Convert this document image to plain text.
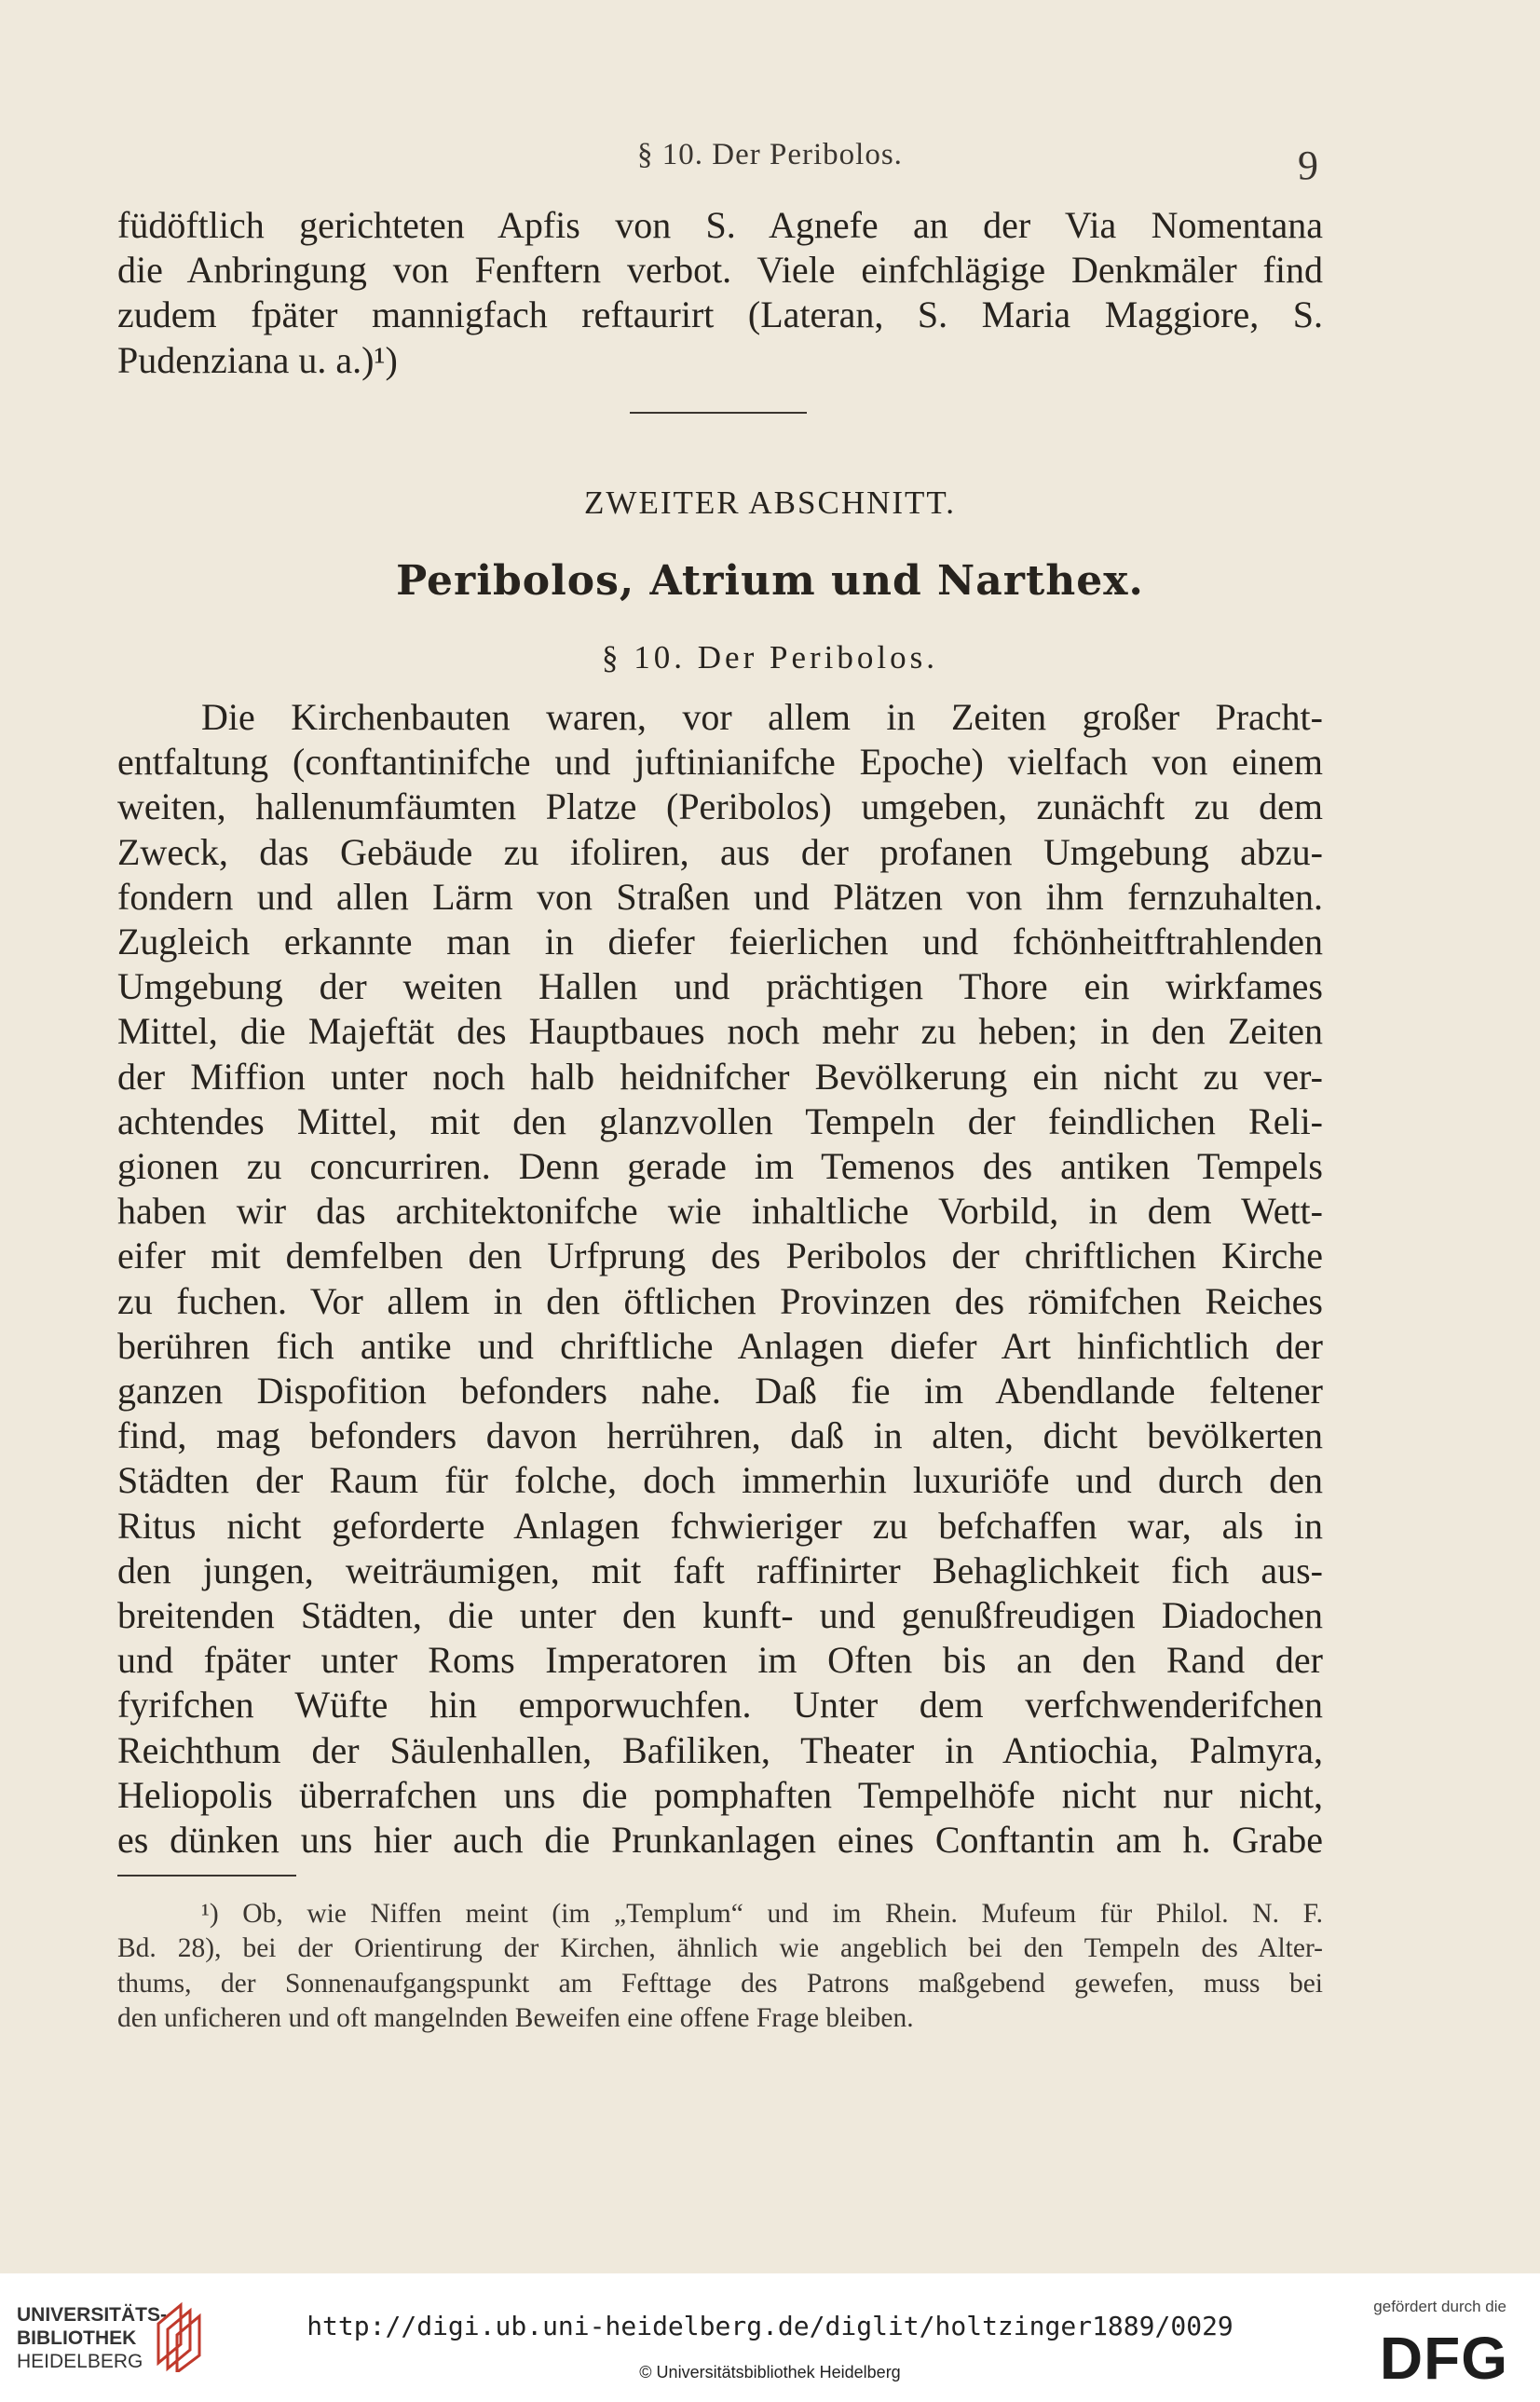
§ 10. Der Peribolos.	9
füdöftlich gerichteten Apfis von S. Agnefe an der Via Nomentana
die Anbringung von Fenftern verbot. Viele einfchlägige Denkmäler find
zudem fpäter mannigfach reftaurirt (Lateran, S. Maria Maggiore, S.
Pudenziana u. a.)¹)
ZWEITER ABSCHNITT.
Peribolos, Atrium und Narthex.
§ 10. Der Peribolos.
Die Kirchenbauten waren, vor allem in Zeiten großer Pracht-
entfaltung (conftantinifche und juftinianifche Epoche) vielfach von einem
weiten, hallenumfäumten Platze (Peribolos) umgeben, zunächft zu dem
Zweck, das Gebäude zu ifoliren, aus der profanen Umgebung abzu-
fondern und allen Lärm von Straßen und Plätzen von ihm fernzuhalten.
Zugleich erkannte man in diefer feierlichen und fchönheitftrahlenden
Umgebung der weiten Hallen und prächtigen Thore ein wirkfames
Mittel, die Majeftät des Hauptbaues noch mehr zu heben; in den Zeiten
der Miffion unter noch halb heidnifcher Bevölkerung ein nicht zu ver-
achtendes Mittel, mit den glanzvollen Tempeln der feindlichen Reli-
gionen zu concurriren. Denn gerade im Temenos des antiken Tempels
haben wir das architektonifche wie inhaltliche Vorbild, in dem Wett-
eifer mit demfelben den Urfprung des Peribolos der chriftlichen Kirche
zu fuchen. Vor allem in den öftlichen Provinzen des römifchen Reiches
berühren fich antike und chriftliche Anlagen diefer Art hinfichtlich der
ganzen Dispofition befonders nahe. Daß fie im Abendlande feltener
find, mag befonders davon herrühren, daß in alten, dicht bevölkerten
Städten der Raum für folche, doch immerhin luxuriöfe und durch den
Ritus nicht geforderte Anlagen fchwieriger zu befchaffen war, als in
den jungen, weiträumigen, mit faft raffinirter Behaglichkeit fich aus-
breitenden Städten, die unter den kunft- und genußfreudigen Diadochen
und fpäter unter Roms Imperatoren im Often bis an den Rand der
fyrifchen Wüfte hin emporwuchfen. Unter dem verfchwenderifchen
Reichthum der Säulenhallen, Bafiliken, Theater in Antiochia, Palmyra,
Heliopolis überrafchen uns die pomphaften Tempelhöfe nicht nur nicht,
es dünken uns hier auch die Prunkanlagen eines Conftantin am h. Grabe
¹) Ob, wie Niffen meint (im „Templum“ und im Rhein. Mufeum für Philol. N. F.
Bd. 28), bei der Orientirung der Kirchen, ähnlich wie angeblich bei den Tempeln des Alter-
thums, der Sonnenaufgangspunkt am Fefttage des Patrons maßgebend gewefen, muss bei
den unficheren und oft mangelnden Beweifen eine offene Frage bleiben.
UNIVERSITÄTS-
BIBLIOTHEK
HEIDELBERG
http://digi.ub.uni-heidelberg.de/diglit/holtzinger1889/0029
© Universitätsbibliothek Heidelberg
gefördert durch die
DFG
